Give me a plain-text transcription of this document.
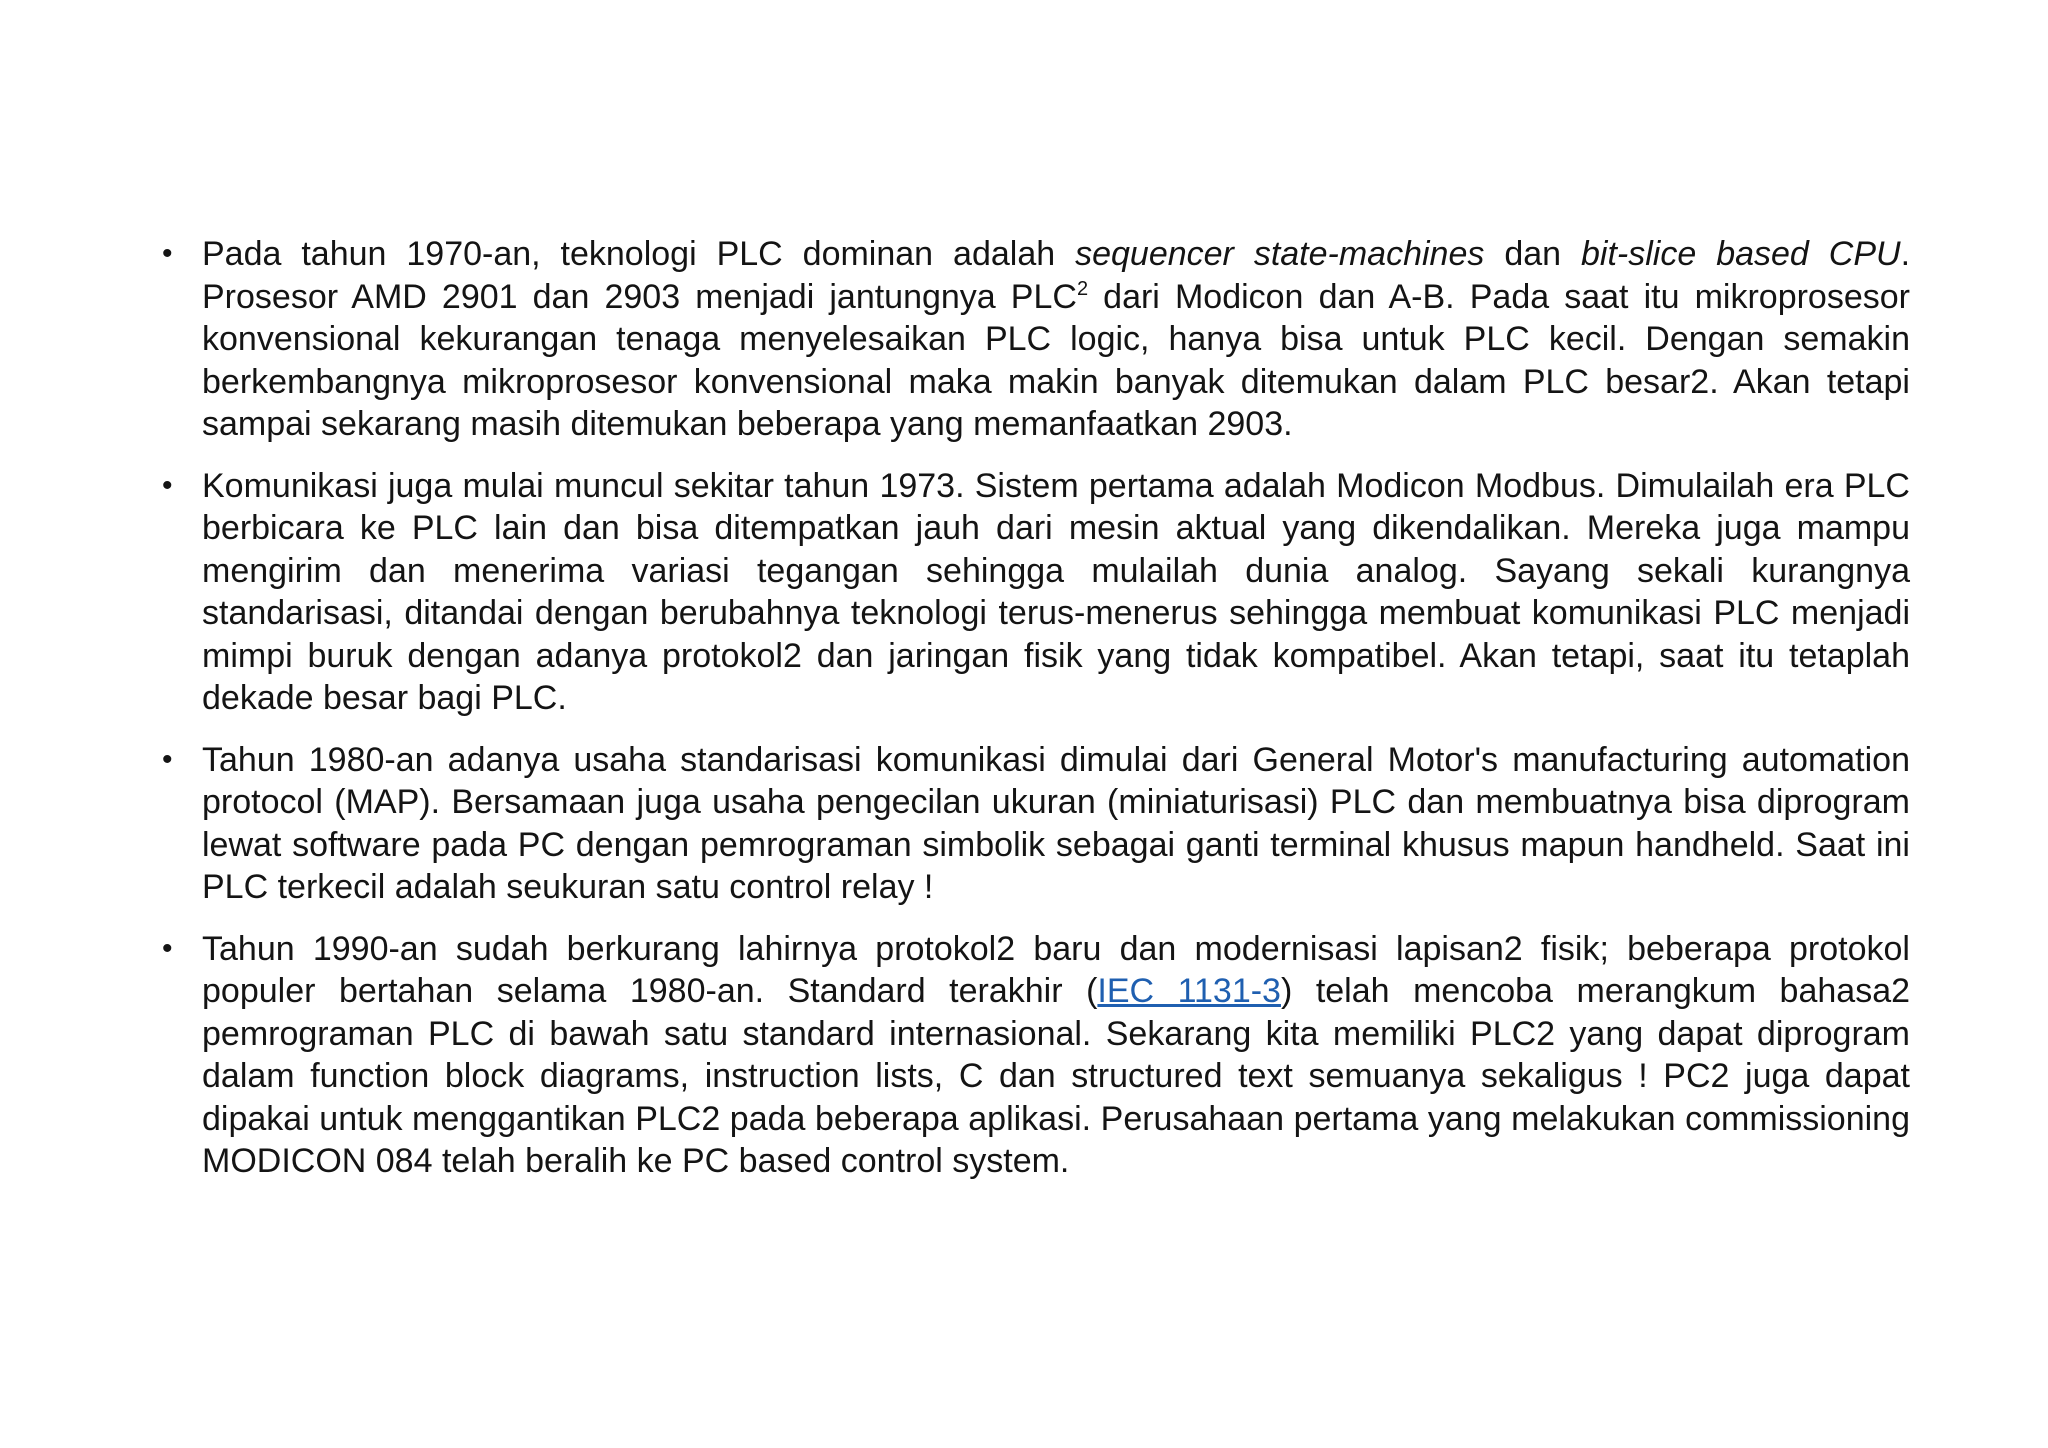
• Pada tahun 1970-an, teknologi PLC dominan adalah sequencer state-machines dan bit-slice based CPU. Prosesor AMD 2901 dan 2903 menjadi jantungnya PLC$^2$ dari Modicon dan A-B. Pada saat itu mikroprosesor konvensional kekurangan tenaga menyelesaikan PLC logic, hanya bisa untuk PLC kecil. Dengan semakin berkembangnya mikroprosesor konvensional maka makin banyak ditemukan dalam PLC besar2. Akan tetapi sampai sekarang masih ditemukan beberapa yang memanfaatkan 2903.
• Komunikasi juga mulai muncul sekitar tahun 1973. Sistem pertama adalah Modicon Modbus. Dimulailah era PLC berbicara ke PLC lain dan bisa ditempatkan jauh dari mesin aktual yang dikendalikan. Mereka juga mampu mengirim dan menerima variasi tegangan sehingga mulailah dunia analog. Sayang sekali kurangnya standarisasi, ditandai dengan berubahnya teknologi terus-menerus sehingga membuat komunikasi PLC menjadi mimpi buruk dengan adanya protokol2 dan jaringan fisik yang tidak kompatibel. Akan tetapi, saat itu tetaplah dekade besar bagi PLC.
• Tahun 1980-an adanya usaha standarisasi komunikasi dimulai dari General Motor's manufacturing automation protocol (MAP). Bersamaan juga usaha pengecilan ukuran (miniaturisasi) PLC dan membuatnya bisa diprogram lewat software pada PC dengan pemrograman simbolik sebagai ganti terminal khusus mapun handheld. Saat ini PLC terkecil adalah seukuran satu control relay !
• Tahun 1990-an sudah berkurang lahirnya protokol2 baru dan modernisasi lapisan2 fisik; beberapa protokol populer bertahan selama 1980-an. Standard terakhir (IEC 1131-3) telah mencoba merangkum bahasa2 pemrograman PLC di bawah satu standard internasional. Sekarang kita memiliki PLC2 yang dapat diprogram dalam function block diagrams, instruction lists, C dan structured text semuanya sekaligus ! PC2 juga dapat dipakai untuk menggantikan PLC2 pada beberapa aplikasi. Perusahaan pertama yang melakukan commissioning MODICON 084 telah beralih ke PC based control system.
